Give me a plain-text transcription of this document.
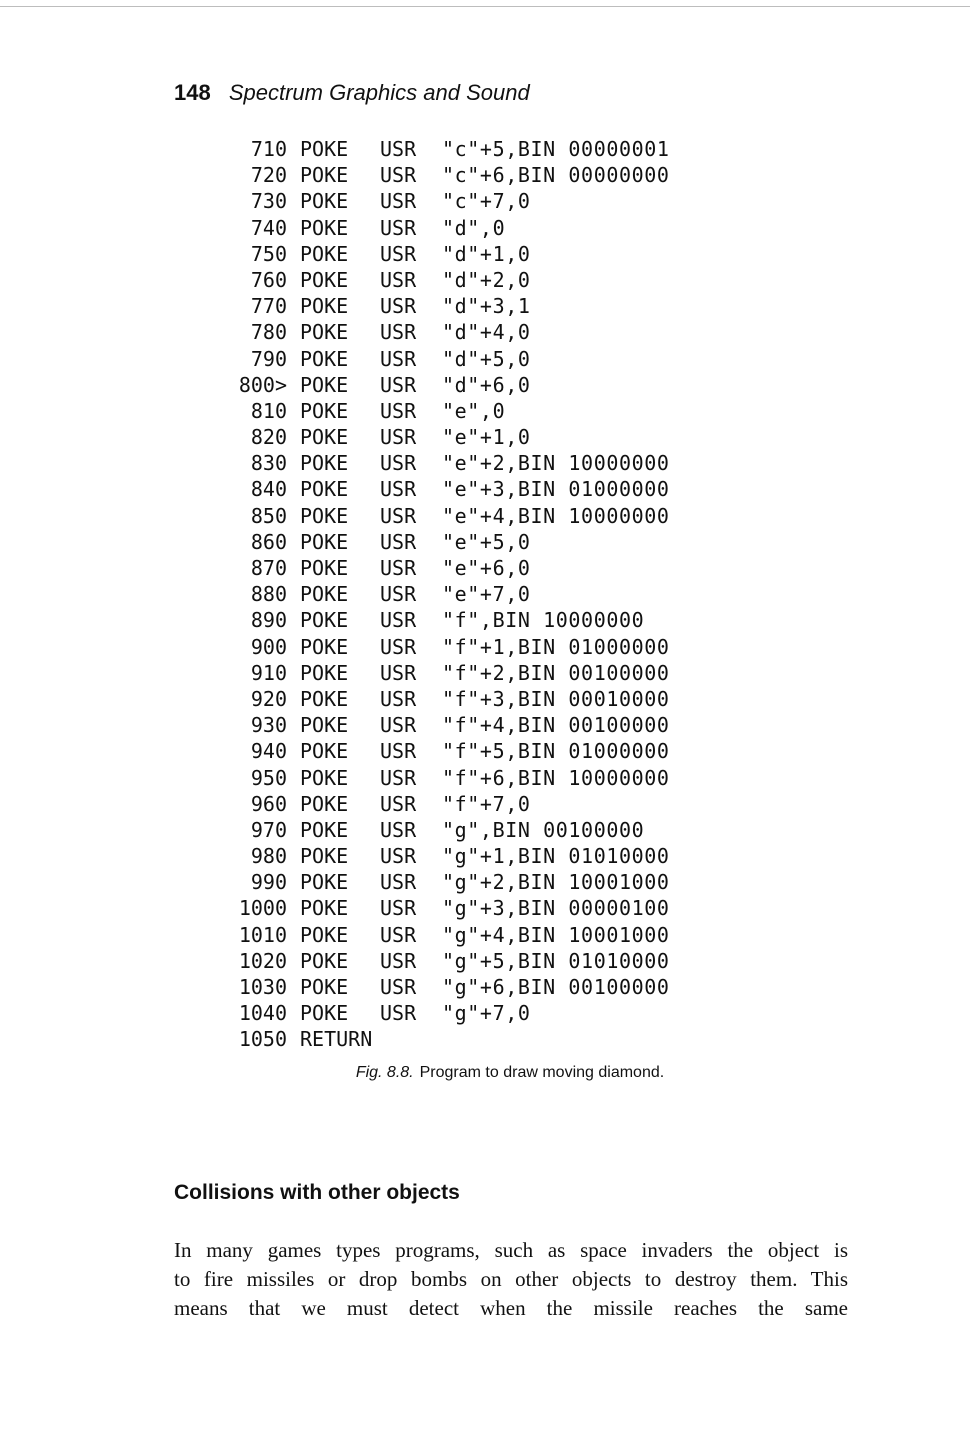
148 Spectrum Graphics and Sound
710 POKE USR "c"+5,BIN 00000001
720 POKE USR "c"+6,BIN 00000000
730 POKE USR "c"+7,0
740 POKE USR "d",0
750 POKE USR "d"+1,0
760 POKE USR "d"+2,0
770 POKE USR "d"+3,1
780 POKE USR "d"+4,0
790 POKE USR "d"+5,0
800> POKE USR "d"+6,0
810 POKE USR "e",0
820 POKE USR "e"+1,0
830 POKE USR "e"+2,BIN 10000000
840 POKE USR "e"+3,BIN 01000000
850 POKE USR "e"+4,BIN 10000000
860 POKE USR "e"+5,0
870 POKE USR "e"+6,0
880 POKE USR "e"+7,0
890 POKE USR "f",BIN 10000000
900 POKE USR "f"+1,BIN 01000000
910 POKE USR "f"+2,BIN 00100000
920 POKE USR "f"+3,BIN 00010000
930 POKE USR "f"+4,BIN 00100000
940 POKE USR "f"+5,BIN 01000000
950 POKE USR "f"+6,BIN 10000000
960 POKE USR "f"+7,0
970 POKE USR "g",BIN 00100000
980 POKE USR "g"+1,BIN 01010000
990 POKE USR "g"+2,BIN 10001000
1000 POKE USR "g"+3,BIN 00000100
1010 POKE USR "g"+4,BIN 10001000
1020 POKE USR "g"+5,BIN 01010000
1030 POKE USR "g"+6,BIN 00100000
1040 POKE USR "g"+7,0
1050 RETURN
Fig. 8.8. Program to draw moving diamond.
Collisions with other objects
In many games types programs, such as space invaders the object is
to fire missiles or drop bombs on other objects to destroy them. This
means that we must detect when the missile reaches the same
